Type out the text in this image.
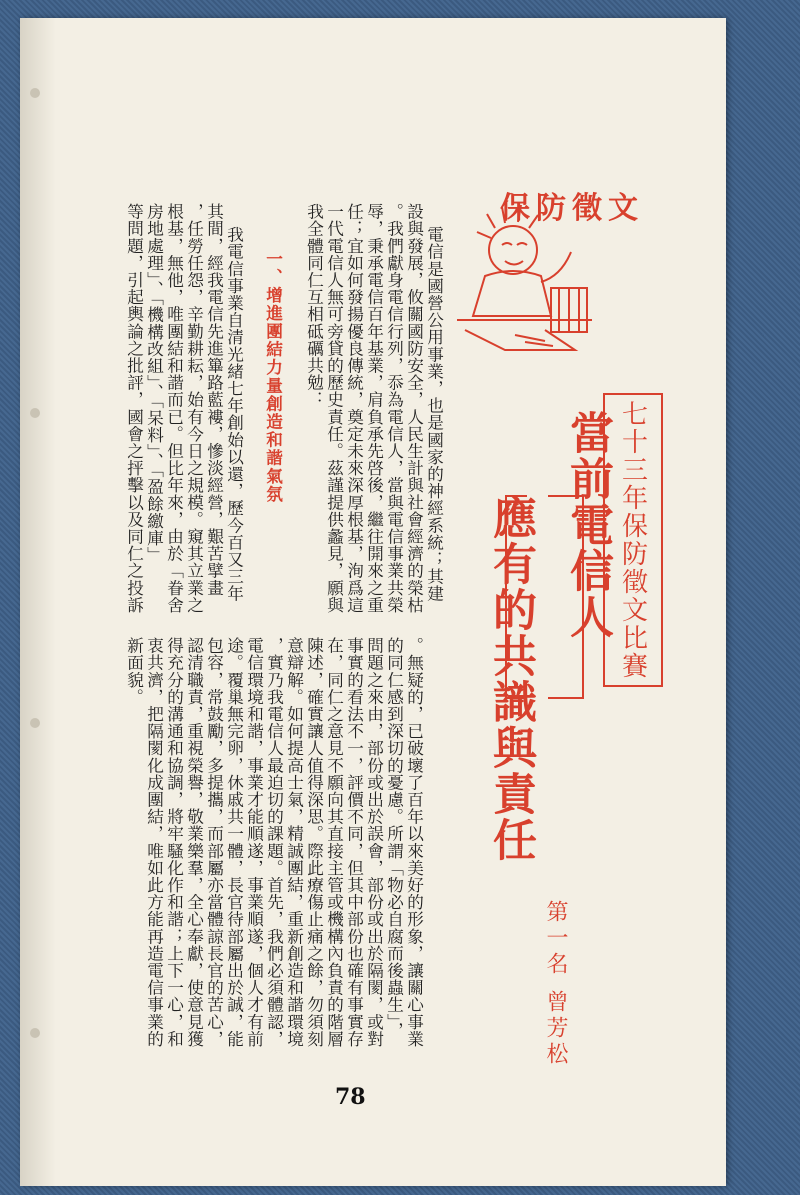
保防徵文
七十三年保防徵文比賽
當前電信人
應有的共識與責任
第一名
曾芳松
電信是國營公用事業，也是國家的神經系統；其建
設與發展，攸關國防安全，人民生計與社會經濟的榮枯
。我們獻身電信行列，忝為電信人，當與電信事業共榮
辱，秉承電信百年基業，肩負承先啓後，繼往開來之重
任；宜如何發揚優良傳統，奠定未來深厚根基，洵爲這
一代電信人無可旁貸的歷史責任。茲謹提供蠡見，願與
我全體同仁互相砥礪共勉：
一、增進團結力量創造和諧氣氛
我電信事業自清光緒七年創始以還，歷今百又三年
其間，經我電信先進篳路藍褸，慘淡經營，艱苦擘畫
，任勞任怨，辛勤耕耘，始有今日之規模。窺其立業之
根基，無他，唯團結和諧而已。但比年來，由於「眷舍
房地處理」、「機構改組」、「呆料」、「盈餘繳庫」
等問題，引起輿論之批評，國會之抨擊以及同仁之投訴
。無疑的，已破壞了百年以來美好的形象，讓關心事業
的同仁感到深切的憂慮。所謂「物必自腐而後蟲生」，
問題之來由，部份或出於誤會，部份或出於隔閡，或對
事實的看法不一，評價不同，但其中部份也確有事實存
在，同仁之意見不願向其直接主管或機構內負責的階層
陳述，確實讓人值得深思。際此療傷止痛之餘，勿須刻
意辯解。如何提高士氣，精誠團結，重新創造和諧環境
，實乃我電信人最迫切的課題。首先，我們必須體認，
電信環境和諧，事業才能順遂，事業順遂，個人才有前
途。覆巢無完卵，休戚共一體，長官待部屬出於誠，能
包容，常鼓勵，多提攜，而部屬亦當體諒長官的苦心，
認清職責，重視榮譽，敬業樂羣，全心奉獻，使意見獲
得充分的溝通和協調，將牢騷化作和諧；上下一心，和
衷共濟，把隔閡化成團結，唯如此方能再造電信事業的
新面貌。
78
